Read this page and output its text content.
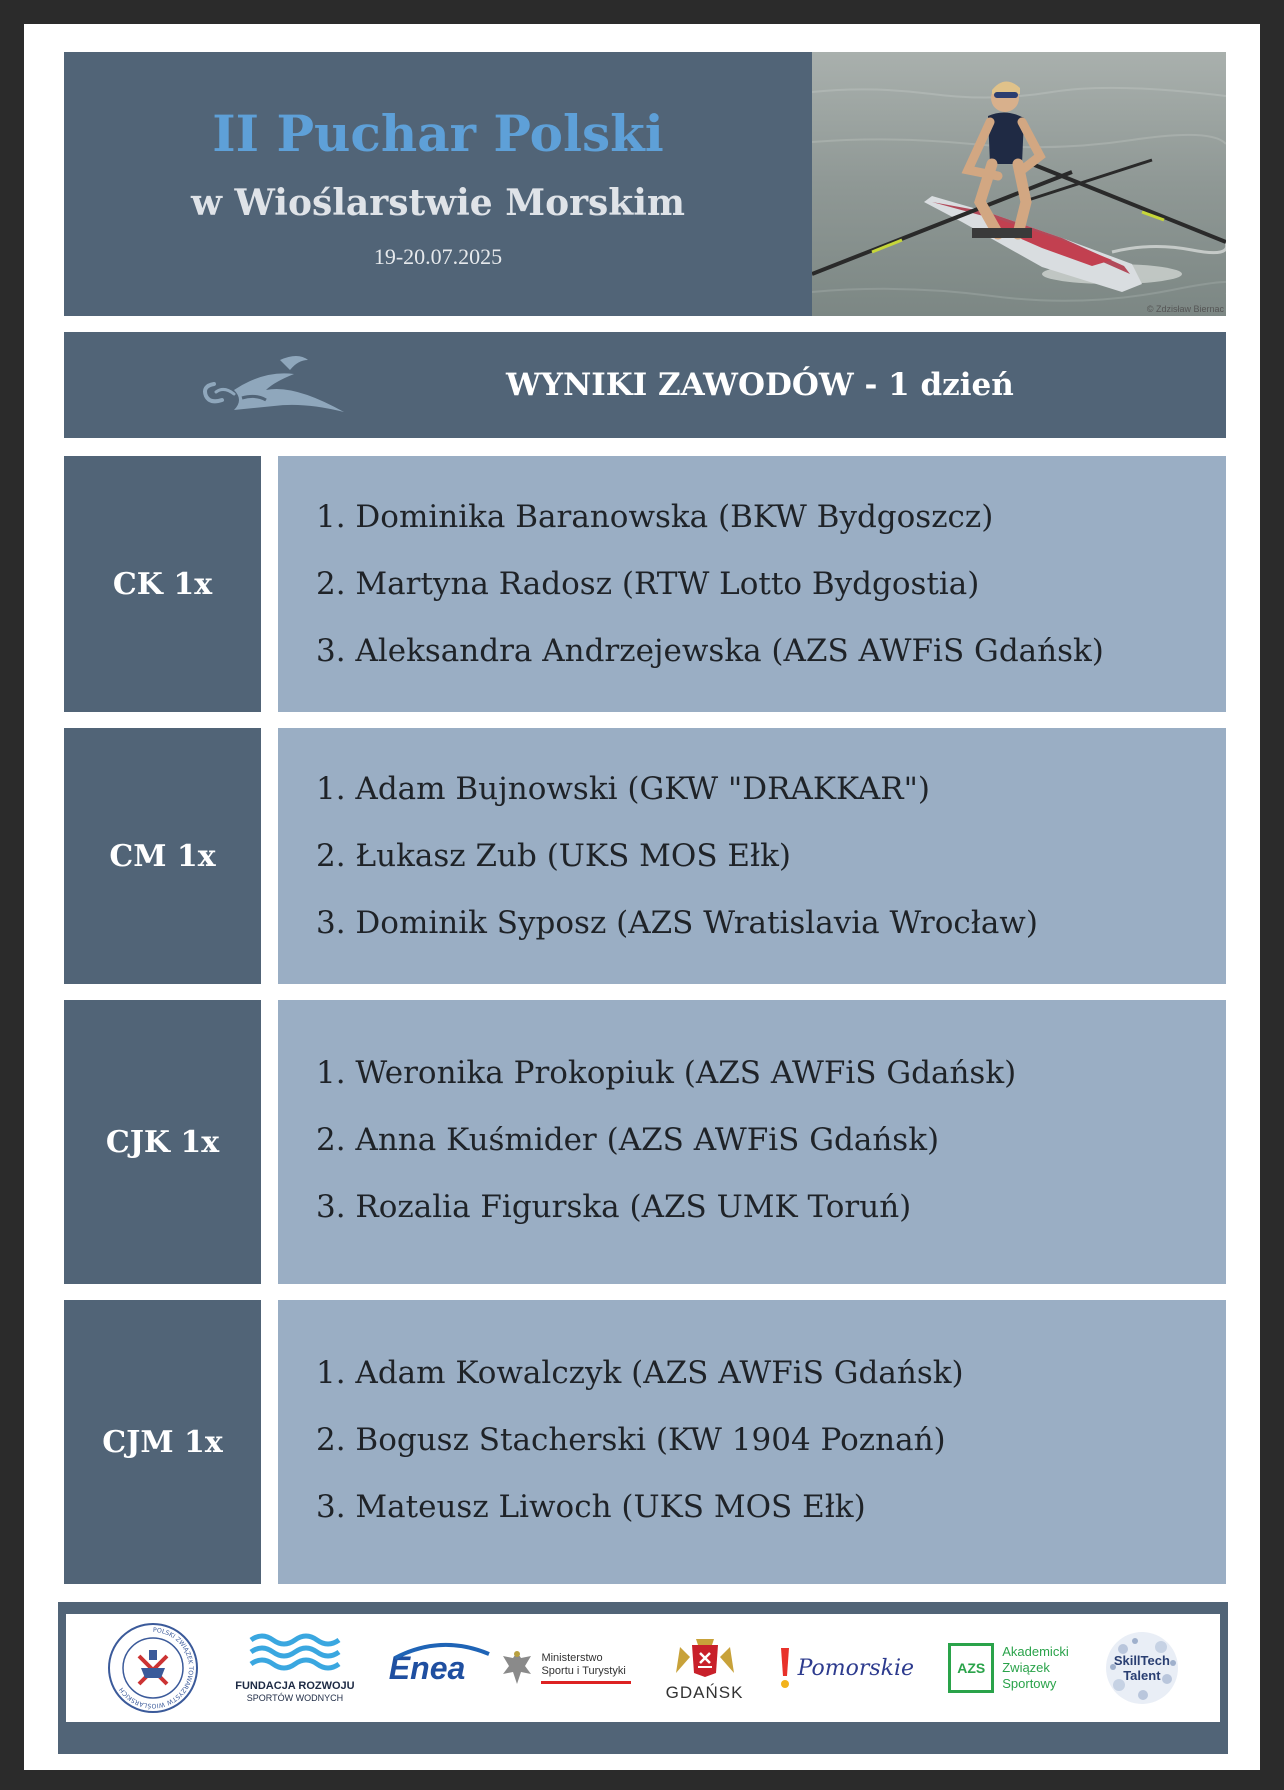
II Puchar Polski
w Wioślarstwie Morskim
19-20.07.2025
© Zdzisław Biernac
WYNIKI ZAWODÓW - 1 dzień
CK 1x
1. Dominika Baranowska (BKW Bydgoszcz)
2. Martyna Radosz (RTW Lotto Bydgostia)
3. Aleksandra Andrzejewska (AZS AWFiS Gdańsk)
CM 1x
1. Adam Bujnowski (GKW "DRAKKAR")
2. Łukasz Zub (UKS MOS Ełk)
3. Dominik Syposz (AZS Wratislavia Wrocław)
CJK 1x
1. Weronika Prokopiuk (AZS AWFiS Gdańsk)
2. Anna Kuśmider (AZS AWFiS Gdańsk)
3. Rozalia Figurska (AZS UMK Toruń)
CJM 1x
1. Adam Kowalczyk (AZS AWFiS Gdańsk)
2. Bogusz Stacherski (KW 1904 Poznań)
3. Mateusz Liwoch (UKS MOS Ełk)
POLSKI ZWIĄZEK TOWARZYSTW WIOŚLARSKICH	FUNDACJA ROZWOJU
SPORTÓW WODNYCH
Enea	Ministerstwo
Sportu i Turystyki
GDAŃSK
Pomorskie	AZS
Akademicki
Związek
Sportowy
SkillTech
Talent
